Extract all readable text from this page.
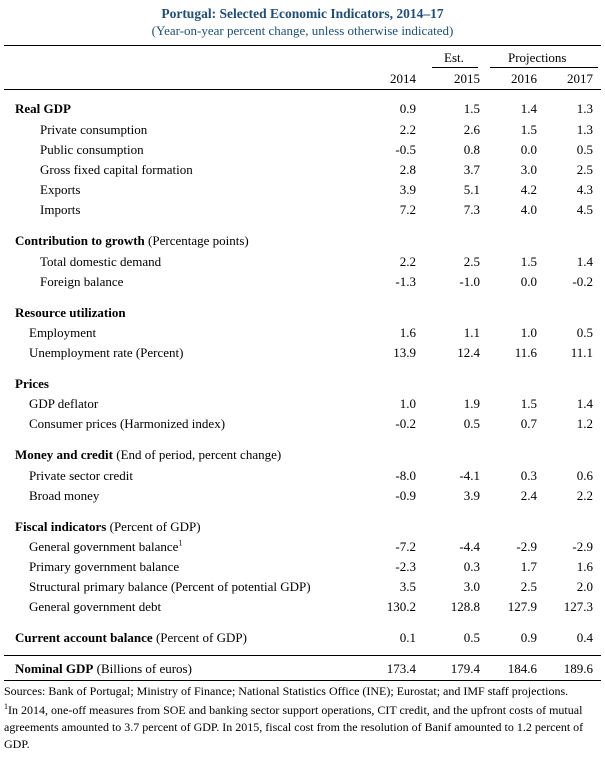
Portugal: Selected Economic Indicators, 2014–17
(Year-on-year percent change, unless otherwise indicated)
Est.	Projections
2014	2015	2016	2017
Real GDP	0.9	1.5	1.4	1.3
Private consumption	2.2	2.6	1.5	1.3
Public consumption	-0.5	0.8	0.0	0.5
Gross fixed capital formation	2.8	3.7	3.0	2.5
Exports	3.9	5.1	4.2	4.3
Imports	7.2	7.3	4.0	4.5
Contribution to growth (Percentage points)
Total domestic demand	2.2	2.5	1.5	1.4
Foreign balance	-1.3	-1.0	0.0	-0.2
Resource utilization
Employment	1.6	1.1	1.0	0.5
Unemployment rate (Percent)	13.9	12.4	11.6	11.1
Prices
GDP deflator	1.0	1.9	1.5	1.4
Consumer prices (Harmonized index)	-0.2	0.5	0.7	1.2
Money and credit (End of period, percent change)
Private sector credit	-8.0	-4.1	0.3	0.6
Broad money	-0.9	3.9	2.4	2.2
Fiscal indicators (Percent of GDP)
General government balance$^1$	-7.2	-4.4	-2.9	-2.9
Primary government balance	-2.3	0.3	1.7	1.6
Structural primary balance (Percent of potential GDP)	3.5	3.0	2.5	2.0
General government debt	130.2	128.8	127.9	127.3
Current account balance (Percent of GDP)	0.1	0.5	0.9	0.4
Nominal GDP (Billions of euros)	173.4	179.4	184.6	189.6
Sources: Bank of Portugal; Ministry of Finance; National Statistics Office (INE); Eurostat; and IMF staff projections.
$^1$In 2014, one-off measures from SOE and banking sector support operations, CIT credit, and the upfront costs of mutual agreements amounted to 3.7 percent of GDP. In 2015, fiscal cost from the resolution of Banif amounted to 1.2 percent of GDP.
